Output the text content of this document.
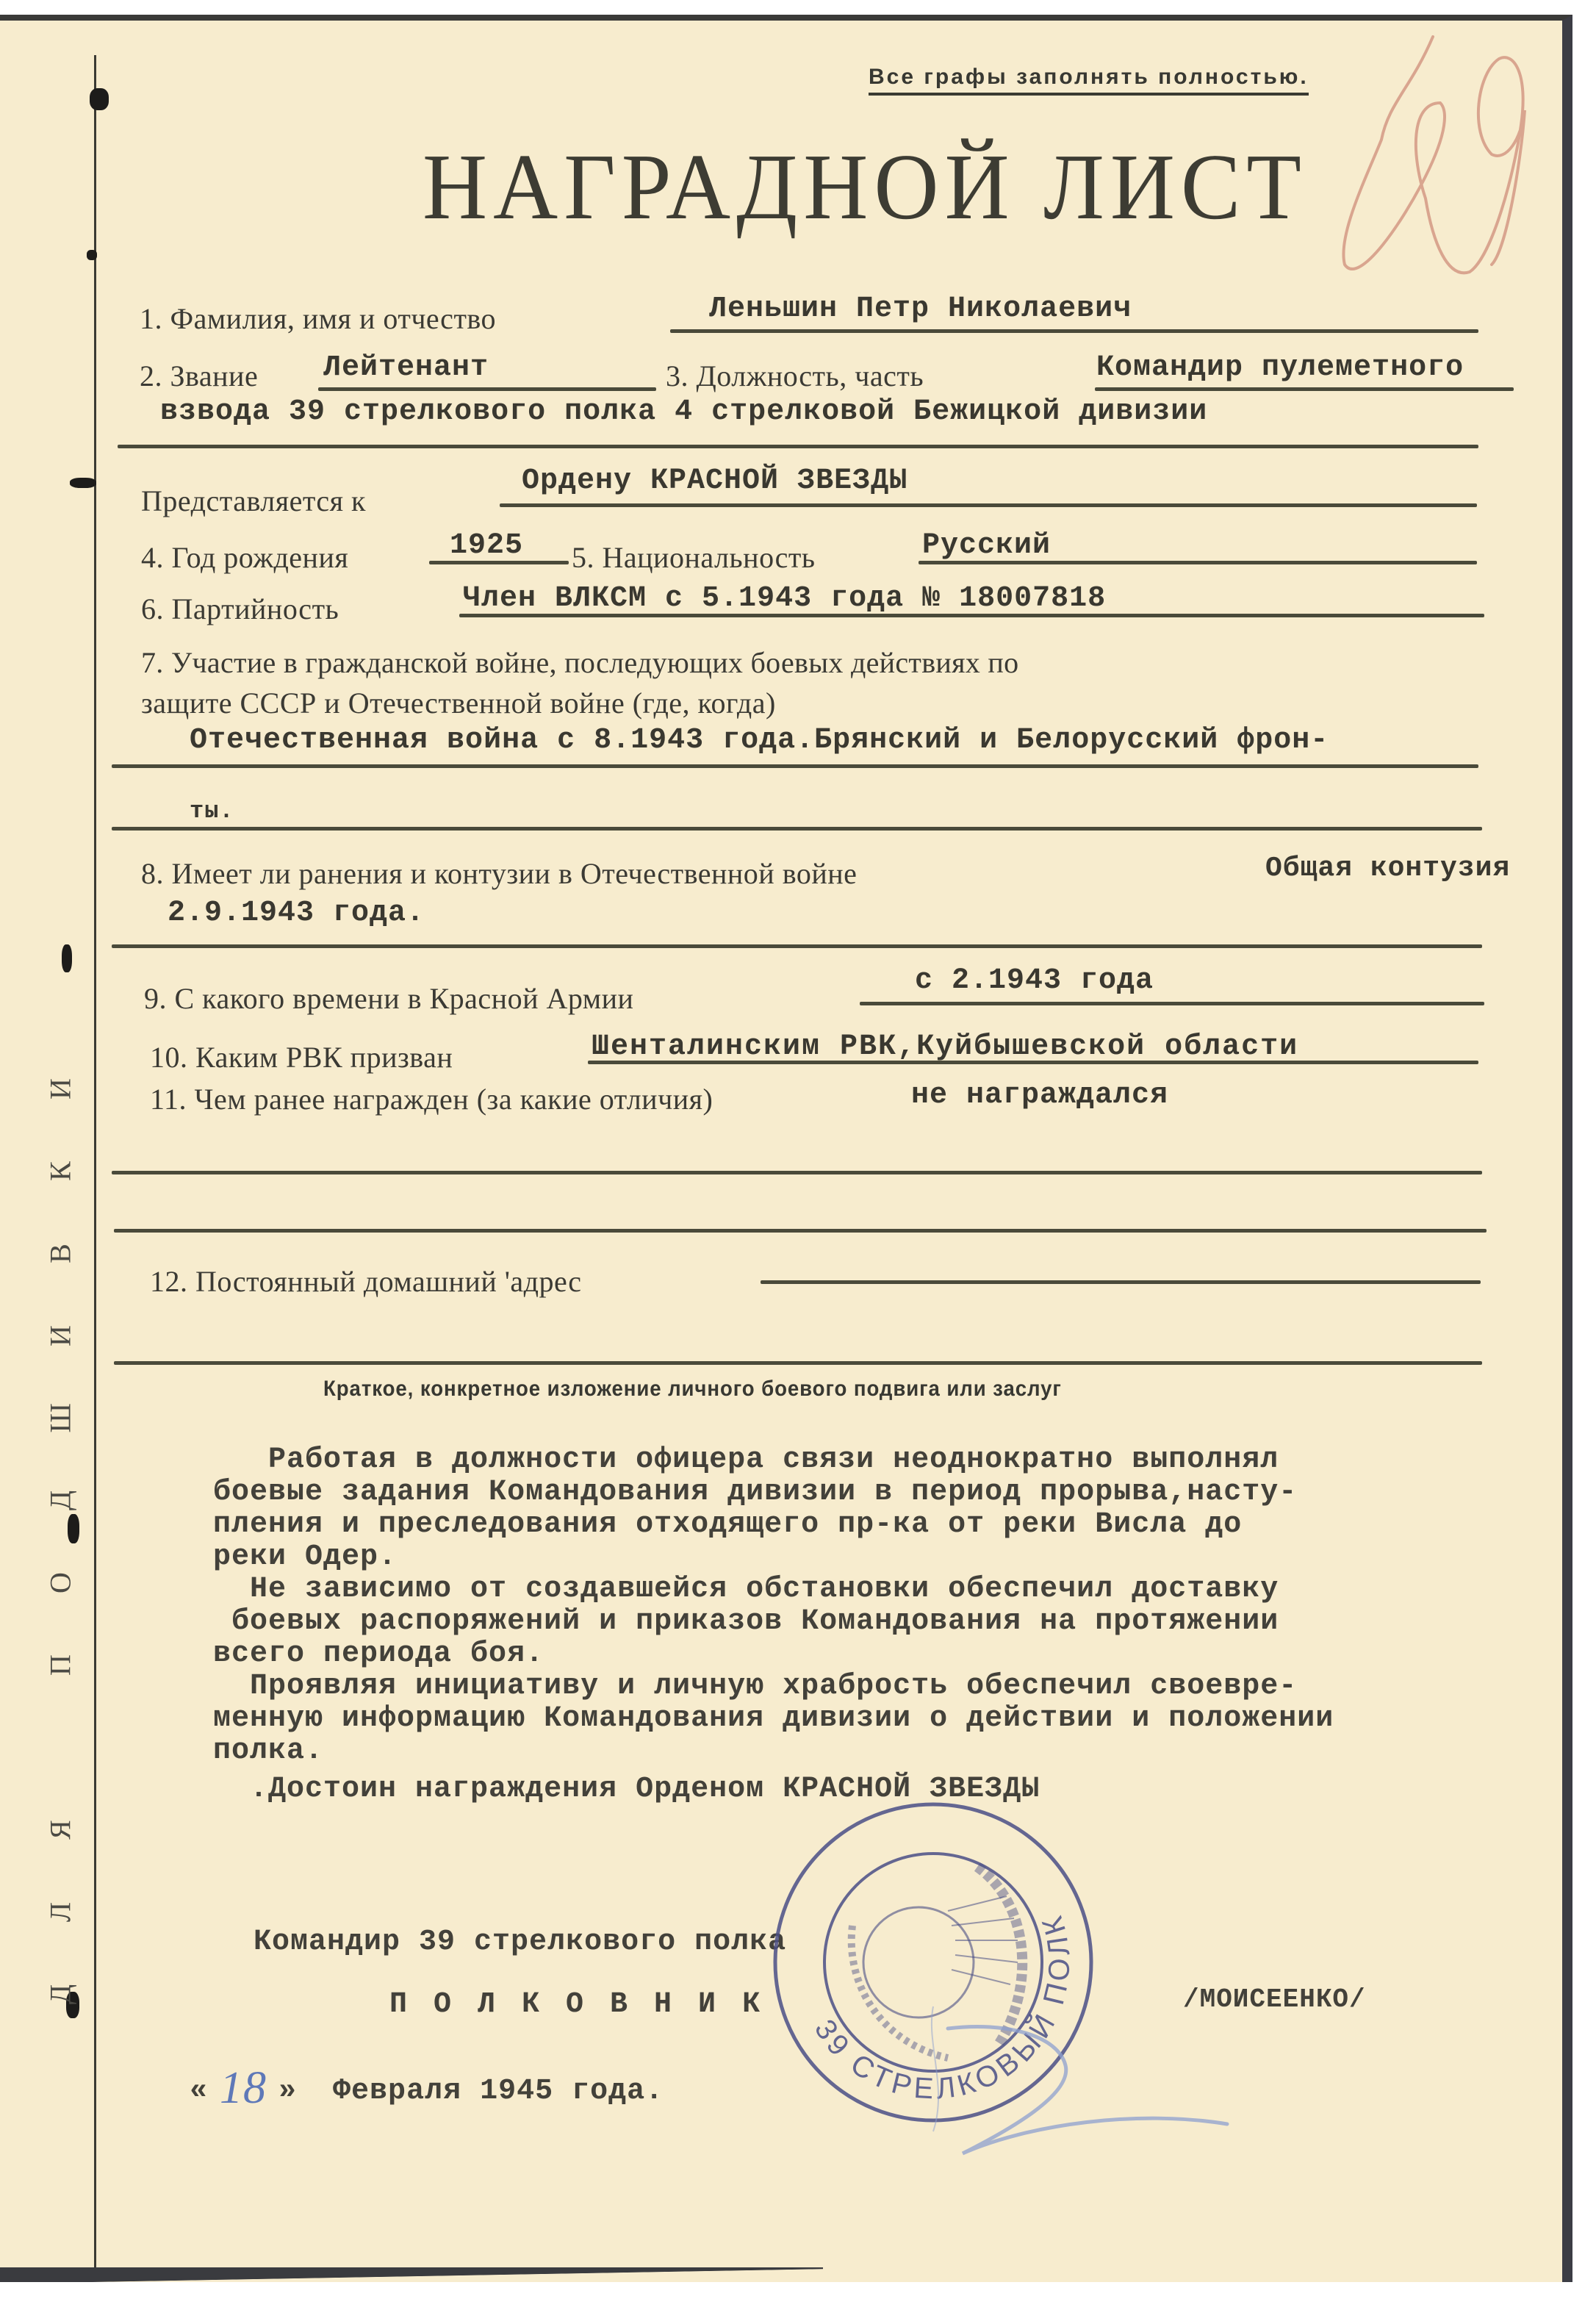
Д
Л
Я
П
О
Д
Ш
И
В
К
И
Все графы заполнять полностью.
НАГРАДНОЙ ЛИСТ
1. Фамилия, имя и отчество	Леньшин Петр Николаевич
2. Звание Лейтенант	3. Должность, часть	Командир пулеметного
взвода 39 стрелкового полка 4 стрелковой Бежицкой дивизии
Представляется к
Ордену КРАСНОЙ ЗВЕЗДЫ
4. Год рождения	1925 5. Национальность	Русский
6. Партийность	Член ВЛКСМ с 5.1943 года № 18007818
7. Участие в гражданской войне, последующих боевых действиях по
защите СССР и Отечественной войне (где, когда)
Отечественная война с 8.1943 года.Брянский и Белорусский фрон-
ты.
8. Имеет ли ранения и контузии в Отечественной войне	Общая контузия
2.9.1943 года.
9. С какого времени в Красной Армии
с 2.1943 года
10. Каким РВК призван	Шенталинским РВК,Куйбышевской области
11. Чем ранее награжден (за какие отличия)	не награждался
12. Постоянный домашний 'адрес
Краткое, конкретное изложение личного боевого подвига или заслуг
Работая в должности офицера связи неоднократно выполнял
боевые задания Командования дивизии в период прорыва,насту-
пления и преследования отходящего пр-ка от реки Висла до
реки Одер.
Не зависимо от создавшейся обстановки обеспечил доставку
боевых распоряжений и приказов Командования на протяжении
всего периода боя.
Проявляя инициативу и личную храбрость обеспечил своевре-
менную информацию Командования дивизии о действии и положении
полка.
.Достоин награждения Орденом КРАСНОЙ ЗВЕЗДЫ
Командир 39 стрелкового полка
П О Л К О В Н И К	/МОИСЕЕНКО/
« 18 » Февраля 1945 года.
39 СТРЕЛКОВЫЙ ПОЛК
